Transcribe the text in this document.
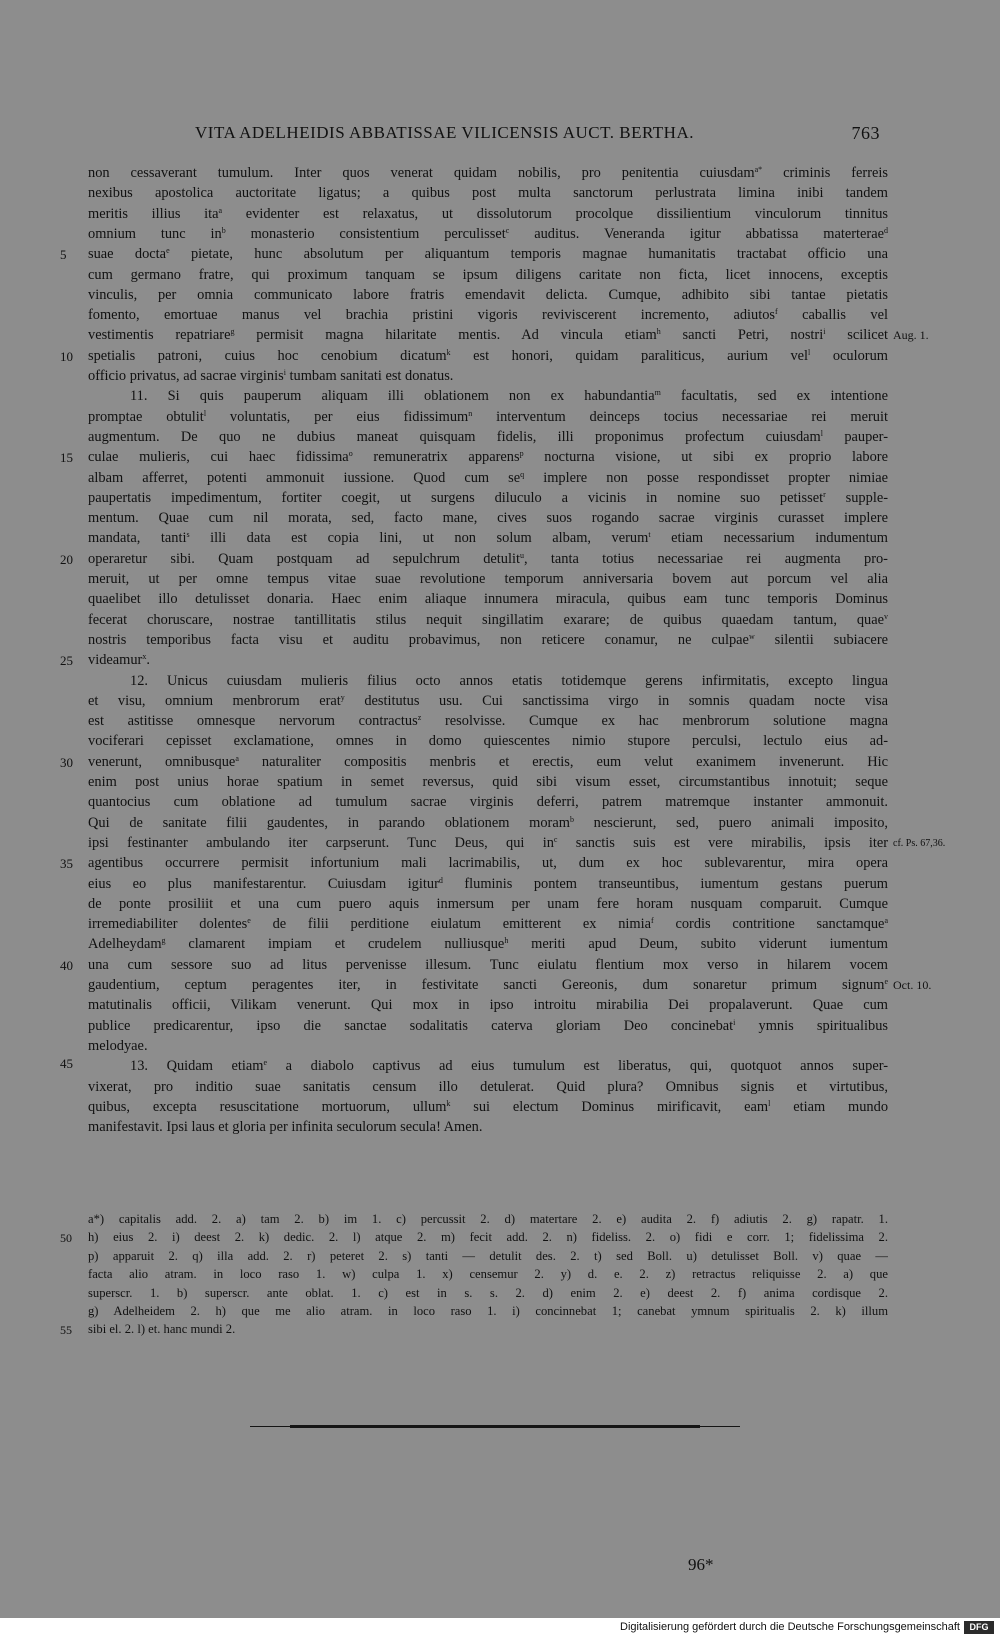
VITA ADELHEIDIS ABBATISSAE VILICENSIS AUCT. BERTHA.	763
non cessaverant tumulum. Inter quos venerat quidam nobilis, pro penitentia cuiusdam$^{a*}$ criminis ferreis
nexibus apostolica auctoritate ligatus; a quibus post multa sanctorum perlustrata limina inibi tandem
meritis illius ita$^a$ evidenter est relaxatus, ut dissolutorum procolque dissilientium vinculorum tinnitus
omnium tunc $in^b$ monasterio consistentium perculisset$^c$ auditus. Veneranda igitur abbatissa materterae$^d$
suae docta$^e$ pietate, hunc absolutum per aliquantum temporis magnae humanitatis tractabat officio una
cum germano fratre, qui proximum tanquam se ipsum diligens caritate non ficta, licet innocens, exceptis
vinculis, per omnia communicato labore fratris emendavit delicta. Cumque, adhibito sibi tantae pietatis
fomento, emortuae manus vel brachia pristini vigoris reviviscerent incremento, adiutos$^f$ caballis vel
vestimentis repatriare$^g$ permisit magna hilaritate mentis. Ad vincula etiam$^h$ sancti Petri, nostri$^i$ scilicet
spetialis patroni, cuius hoc cenobium dicatum$^k$ est honori, quidam paraliticus, aurium vel$^l$ oculorum
officio privatus, ad sacrae virginis$^i$ tumbam sanitati est donatus.
11. Si quis pauperum aliquam illi oblationem non ex habundantia$^m$ facultatis, sed ex intentione
promptae obtulit$^l$ voluntatis, per eius fidissimum$^n$ interventum deinceps tocius necessariae rei meruit
augmentum. De quo ne dubius maneat quisquam fidelis, illi proponimus profectum cuiusdam$^l$ pauper-
culae mulieris, cui haec fidissima$^o$ remuneratrix apparens$^p$ nocturna visione, ut sibi ex proprio labore
albam afferret, potenti ammonuit iussione. Quod cum $se^q$ implere non posse respondisset propter nimiae
paupertatis impedimentum, fortiter coegit, ut surgens diluculo a vicinis in nomine suo petisset$^r$ supple-
mentum. Quae cum nil morata, sed, facto mane, cives suos rogando sacrae virginis curasset implere
mandata, tanti$^s$ illi data est copia lini, ut non solum albam, verum$^t$ etiam necessarium indumentum
operaretur sibi. Quam postquam ad sepulchrum detulit$^u$, tanta totius necessariae rei augmenta pro-
meruit, ut per omne tempus vitae suae revolutione temporum anniversaria bovem aut porcum vel alia
quaelibet illo detulisset donaria. Haec enim aliaque innumera miracula, quibus eam tunc temporis Dominus
fecerat choruscare, nostrae tantillitatis stilus nequit singillatim exarare; de quibus quaedam tantum, quae$^v$
nostris temporibus facta visu et auditu probavimus, non reticere conamur, ne culpae$^w$ silentii subiacere
videamur$^x$.
12. Unicus cuiusdam mulieris filius octo annos etatis totidemque gerens infirmitatis, excepto lingua
et visu, omnium menbrorum erat$^y$ destitutus usu. Cui sanctissima virgo in somnis quadam nocte visa
est astitisse omnesque nervorum contractus$^z$ resolvisse. Cumque ex hac menbrorum solutione magna
vociferari cepisset exclamatione, omnes in domo quiescentes nimio stupore perculsi, lectulo eius ad-
venerunt, omnibusque$^a$ naturaliter compositis menbris et erectis, eum velut exanimem invenerunt. Hic
enim post unius horae spatium in semet reversus, quid sibi visum esset, circumstantibus innotuit; seque
quantocius cum oblatione ad tumulum sacrae virginis deferri, patrem matremque instanter ammonuit.
Qui de sanitate filii gaudentes, in parando oblationem moram$^b$ nescierunt, sed, puero animali imposito,
ipsi festinanter ambulando iter carpserunt. Tunc Deus, qui $in^c$ sanctis suis est vere mirabilis, ipsis iter
agentibus occurrere permisit infortunium mali lacrimabilis, ut, dum ex hoc sublevarentur, mira opera
eius eo plus manifestarentur. Cuiusdam igitur$^d$ fluminis pontem transeuntibus, iumentum gestans puerum
de ponte prosiliit et una cum puero aquis inmersum per unam fere horam nusquam comparuit. Cumque
irremediabiliter dolentes$^e$ de filii perditione eiulatum emitterent ex nimia$^f$ cordis contritione sanctamque$^a$
Adelheydam$^g$ clamarent impiam et crudelem nulliusque$^h$ meriti apud Deum, subito viderunt iumentum
una cum sessore suo ad litus pervenisse illesum. Tunc eiulatu flentium mox verso in hilarem vocem
gaudentium, ceptum peragentes iter, in festivitate sancti Gereonis, dum sonaretur primum signum$^e$
matutinalis officii, Vilikam venerunt. Qui mox in ipso introitu mirabilia Dei propalaverunt. Quae cum
publice predicarentur, ipso die sanctae sodalitatis caterva gloriam Deo concinebat$^i$ ymnis spiritualibus
melodyae.
13. Quidam etiam$^e$ a diabolo captivus ad eius tumulum est liberatus, qui, quotquot annos super-
vixerat, pro inditio suae sanitatis censum illo detulerat. Quid plura? Omnibus signis et virtutibus,
quibus, excepta resuscitatione mortuorum, ullum$^k$ sui electum Dominus mirificavit, eam$^l$ etiam mundo
manifestavit. Ipsi laus et gloria per infinita seculorum secula! Amen.
5
10
15
20
25
30
35
40
45
Aug. 1.
cf. Ps. 67,36.
Oct. 10.
a*) capitalis add. 2. a) tam 2. b) im 1. c) percussit 2. d) matertare 2. e) audita 2. f) adiutis 2. g) rapatr. 1.
h) eius 2. i) deest 2. k) dedic. 2. l) atque 2. m) fecit add. 2. n) fideliss. 2. o) fidi e corr. 1; fidelissima 2.
p) apparuit 2. q) illa add. 2. r) peteret 2. s) tanti — detulit des. 2. t) sed Boll. u) detulisset Boll. v) quae —
facta alio atram. in loco raso 1. w) culpa 1. x) censemur 2. y) d. e. 2. z) retractus reliquisse 2. a) que
superscr. 1. b) superscr. ante oblat. 1. c) est in s. s. 2. d) enim 2. e) deest 2. f) anima cordisque 2.
g) Adelheidem 2. h) que me alio atram. in loco raso 1. i) concinnebat 1; canebat ymnum spiritualis 2. k) illum
sibi el. 2. l) et. hanc mundi 2.
50
55
96*
Digitalisierung gefördert durch die Deutsche Forschungsgemeinschaft	DFG
